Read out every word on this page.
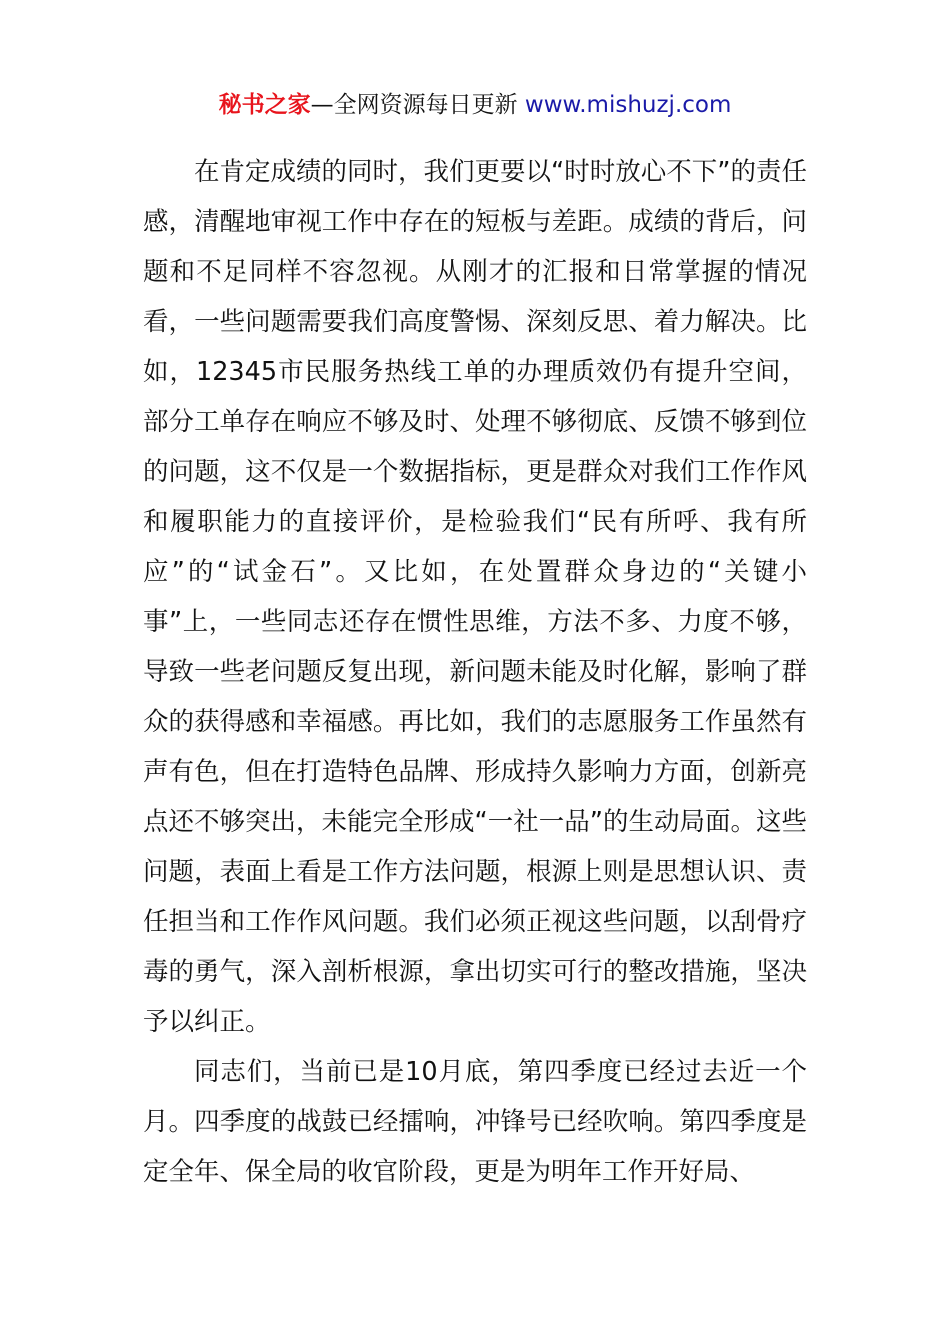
秘书之家—全网资源每日更新 www.mishuzj.com

在肯定成绩的同时，我们更要以“时时放心不下”的责任感，清醒地审视工作中存在的短板与差距。成绩的背后，问题和不足同样不容忽视。从刚才的汇报和日常掌握的情况看，一些问题需要我们高度警惕、深刻反思、着力解决。比如，12345市民服务热线工单的办理质效仍有提升空间，部分工单存在响应不够及时、处理不够彻底、反馈不够到位的问题，这不仅是一个数据指标，更是群众对我们工作作风和履职能力的直接评价，是检验我们“民有所呼、我有所应”的“试金石”。又比如，在处置群众身边的“关键小事”上，一些同志还存在惯性思维，方法不多、力度不够，导致一些老问题反复出现，新问题未能及时化解，影响了群众的获得感和幸福感。再比如，我们的志愿服务工作虽然有声有色，但在打造特色品牌、形成持久影响力方面，创新亮点还不够突出，未能完全形成“一社一品”的生动局面。这些问题，表面上看是工作方法问题，根源上则是思想认识、责任担当和工作作风问题。我们必须正视这些问题，以刮骨疗毒的勇气，深入剖析根源，拿出切实可行的整改措施，坚决予以纠正。

同志们，当前已是10月底，第四季度已经过去近一个月。四季度的战鼓已经擂响，冲锋号已经吹响。第四季度是定全年、保全局的收官阶段，更是为明年工作开好局、
